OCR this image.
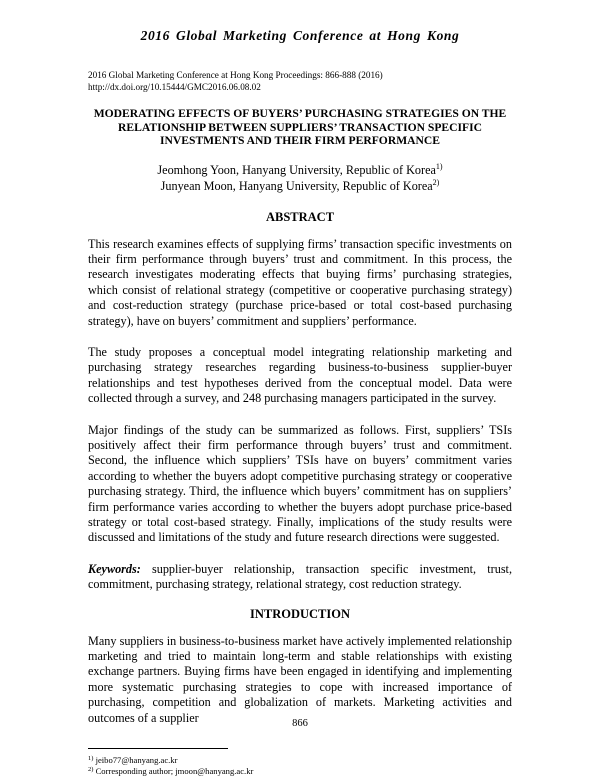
2016 Global Marketing Conference at Hong Kong
2016 Global Marketing Conference at Hong Kong Proceedings: 866-888 (2016)
http://dx.doi.org/10.15444/GMC2016.06.08.02
MODERATING EFFECTS OF BUYERS’ PURCHASING STRATEGIES ON THE RELATIONSHIP BETWEEN SUPPLIERS’ TRANSACTION SPECIFIC INVESTMENTS AND THEIR FIRM PERFORMANCE
Jeomhong Yoon, Hanyang University, Republic of Korea$^{1)}$
Junyean Moon, Hanyang University, Republic of Korea$^{2)}$
ABSTRACT

This research examines effects of supplying firms’ transaction specific investments on their firm performance through buyers’ trust and commitment. In this process, the research investigates moderating effects that buying firms’ purchasing strategies, which consist of relational strategy (competitive or cooperative purchasing strategy) and cost-reduction strategy (purchase price-based or total cost-based purchasing strategy), have on buyers’ commitment and suppliers’ performance.

The study proposes a conceptual model integrating relationship marketing and purchasing strategy researches regarding business-to-business supplier-buyer relationships and test hypotheses derived from the conceptual model. Data were collected through a survey, and 248 purchasing managers participated in the survey.

Major findings of the study can be summarized as follows. First, suppliers’ TSIs positively affect their firm performance through buyers’ trust and commitment. Second, the influence which suppliers’ TSIs have on buyers’ commitment varies according to whether the buyers adopt competitive purchasing strategy or cooperative purchasing strategy. Third, the influence which buyers’ commitment has on suppliers’ firm performance varies according to whether the buyers adopt purchase price-based strategy or total cost-based strategy. Finally, implications of the study results were discussed and limitations of the study and future research directions were suggested.

Keywords: supplier-buyer relationship, transaction specific investment, trust, commitment, purchasing strategy, relational strategy, cost reduction strategy.

INTRODUCTION

Many suppliers in business-to-business market have actively implemented relationship marketing and tried to maintain long-term and stable relationships with existing exchange partners. Buying firms have been engaged in identifying and implementing more systematic purchasing strategies to cope with increased importance of purchasing, competition and globalization of markets. Marketing activities and outcomes of a supplier

$^{1)}$ jeibo77@hanyang.ac.kr
$^{2)}$ Corresponding author; jmoon@hanyang.ac.kr
866
